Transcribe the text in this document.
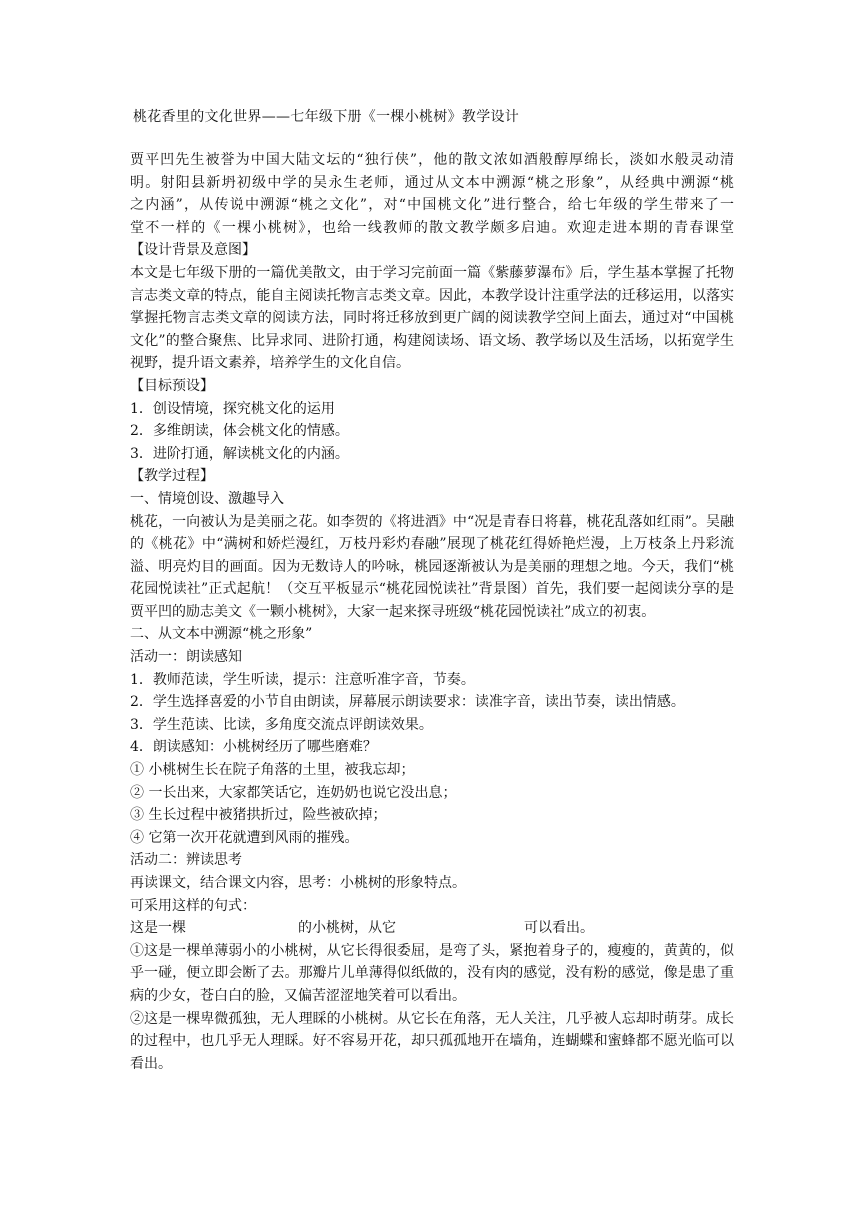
桃花香里的文化世界——七年级下册《一棵小桃树》教学设计

贾平凹先生被誉为中国大陆文坛的“独行侠”，他的散文浓如酒般醇厚绵长，淡如水般灵动清

明。射阳县新坍初级中学的吴永生老师，通过从文本中溯源“桃之形象”，从经典中溯源“桃

之内涵”，从传说中溯源“桃之文化”，对“中国桃文化”进行整合，给七年级的学生带来了一

堂不一样的《一棵小桃树》，也给一线教师的散文教学颇多启迪。欢迎走进本期的青春课堂

【设计背景及意图】

本文是七年级下册的一篇优美散文，由于学习完前面一篇《紫藤萝瀑布》后，学生基本掌握了托物言志类文章的特点，能自主阅读托物言志类文章。因此，本教学设计注重学法的迁移运用，以落实掌握托物言志类文章的阅读方法，同时将迁移放到更广阔的阅读教学空间上面去，通过对“中国桃文化”的整合聚焦、比异求同、进阶打通，构建阅读场、语文场、教学场以及生活场，以拓宽学生视野，提升语文素养，培养学生的文化自信。

【目标预设】

1．创设情境，探究桃文化的运用

2．多维朗读，体会桃文化的情感。

3．进阶打通，解读桃文化的内涵。

【教学过程】

一、情境创设、激趣导入

桃花，一向被认为是美丽之花。如李贺的《将进酒》中“况是青春日将暮，桃花乱落如红雨”。吴融的《桃花》中“满树和娇烂漫红，万枝丹彩灼春融”展现了桃花红得娇艳烂漫，上万枝条上丹彩流溢、明亮灼目的画面。因为无数诗人的吟咏，桃园逐渐被认为是美丽的理想之地。今天，我们“桃花园悦读社”正式起航！（交互平板显示“桃花园悦读社”背景图）首先，我们要一起阅读分享的是贾平凹的励志美文《一颗小桃树》，大家一起来探寻班级“桃花园悦读社”成立的初衷。

二、从文本中溯源“桃之形象”

活动一：朗读感知

1．教师范读，学生听读，提示：注意听准字音，节奏。

2．学生选择喜爱的小节自由朗读，屏幕展示朗读要求：读准字音，读出节奏，读出情感。

3．学生范读、比读，多角度交流点评朗读效果。

4．朗读感知：小桃树经历了哪些磨难？

① 小桃树生长在院子角落的土里，被我忘却；

② 一长出来，大家都笑话它，连奶奶也说它没出息；

③ 生长过程中被猪拱折过，险些被砍掉；

④ 它第一次开花就遭到风雨的摧残。

活动二：辨读思考

再读课文，结合课文内容，思考：小桃树的形象特点。

可采用这样的句式：

这是一棵	的小桃树，从它	可以看出。

①这是一棵单薄弱小的小桃树，从它长得很委屈，是弯了头，紧抱着身子的，瘦瘦的，黄黄的，似乎一碰，便立即会断了去。那瓣片儿单薄得似纸做的，没有肉的感觉，没有粉的感觉，像是患了重病的少女，苍白白的脸，又偏苦涩涩地笑着可以看出。

②这是一棵卑微孤独，无人理睬的小桃树。从它长在角落，无人关注，几乎被人忘却时萌芽。成长的过程中，也几乎无人理睬。好不容易开花，却只孤孤地开在墙角，连蝴蝶和蜜蜂都不愿光临可以看出。
